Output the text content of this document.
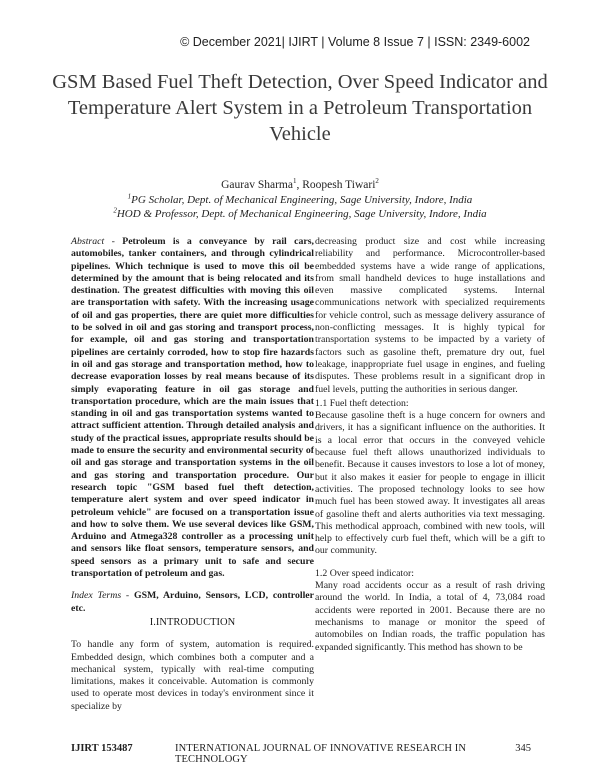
© December 2021| IJIRT | Volume 8 Issue 7 | ISSN: 2349-6002
GSM Based Fuel Theft Detection, Over Speed Indicator and Temperature Alert System in a Petroleum Transportation Vehicle
Gaurav Sharma$^1$, Roopesh Tiwari$^2$
$^1$PG Scholar, Dept. of Mechanical Engineering, Sage University, Indore, India
$^2$HOD & Professor, Dept. of Mechanical Engineering, Sage University, Indore, India

Abstract - Petroleum is a conveyance by rail cars, automobiles, tanker containers, and through cylindrical pipelines. Which technique is used to move this oil be determined by the amount that is being relocated and its destination. The greatest difficulties with moving this oil are transportation with safety. With the increasing usage of oil and gas properties, there are quiet more difficulties to be solved in oil and gas storing and transport process, for example, oil and gas storing and transportation pipelines are certainly corroded, how to stop fire hazards in oil and gas storage and transportation method, how to decrease evaporation losses by real means because of its simply evaporating feature in oil gas storage and transportation procedure, which are the main issues that standing in oil and gas transportation systems wanted to attract sufficient attention. Through detailed analysis and study of the practical issues, appropriate results should be made to ensure the security and environmental security of oil and gas storage and transportation systems in the oil and gas storing and transportation procedure. Our research topic "GSM based fuel theft detection, temperature alert system and over speed indicator in petroleum vehicle" are focused on a transportation issue and how to solve them. We use several devices like GSM, Arduino and Atmega328 controller as a processing unit and sensors like float sensors, temperature sensors, and speed sensors as a primary unit to safe and secure transportation of petroleum and gas.

Index Terms - GSM, Arduino, Sensors, LCD, controller etc.

I.INTRODUCTION

To handle any form of system, automation is required. Embedded design, which combines both a computer and a mechanical system, typically with real-time computing limitations, makes it conceivable. Automation is commonly used to operate most devices in today's environment since it specialize by

decreasing product size and cost while increasing reliability and performance. Microcontroller-based embedded systems have a wide range of applications, from small handheld devices to huge installations and even massive complicated systems. Internal communications network with specialized requirements for vehicle control, such as message delivery assurance of non-conflicting messages. It is highly typical for transportation systems to be impacted by a variety of factors such as gasoline theft, premature dry out, fuel leakage, inappropriate fuel usage in engines, and fueling disputes. These problems result in a significant drop in fuel levels, putting the authorities in serious danger.

1.1 Fuel theft detection:

Because gasoline theft is a huge concern for owners and drivers, it has a significant influence on the authorities. It is a local error that occurs in the conveyed vehicle because fuel theft allows unauthorized individuals to benefit. Because it causes investors to lose a lot of money, but it also makes it easier for people to engage in illicit activities. The proposed technology looks to see how much fuel has been stowed away. It investigates all areas of gasoline theft and alerts authorities via text messaging. This methodical approach, combined with new tools, will help to effectively curb fuel theft, which will be a gift to our community.

1.2 Over speed indicator:

Many road accidents occur as a result of rash driving around the world. In India, a total of 4, 73,084 road accidents were reported in 2001. Because there are no mechanisms to manage or monitor the speed of automobiles on Indian roads, the traffic population has expanded significantly. This method has shown to be

IJIRT 153487	INTERNATIONAL JOURNAL OF INNOVATIVE RESEARCH IN TECHNOLOGY
345
